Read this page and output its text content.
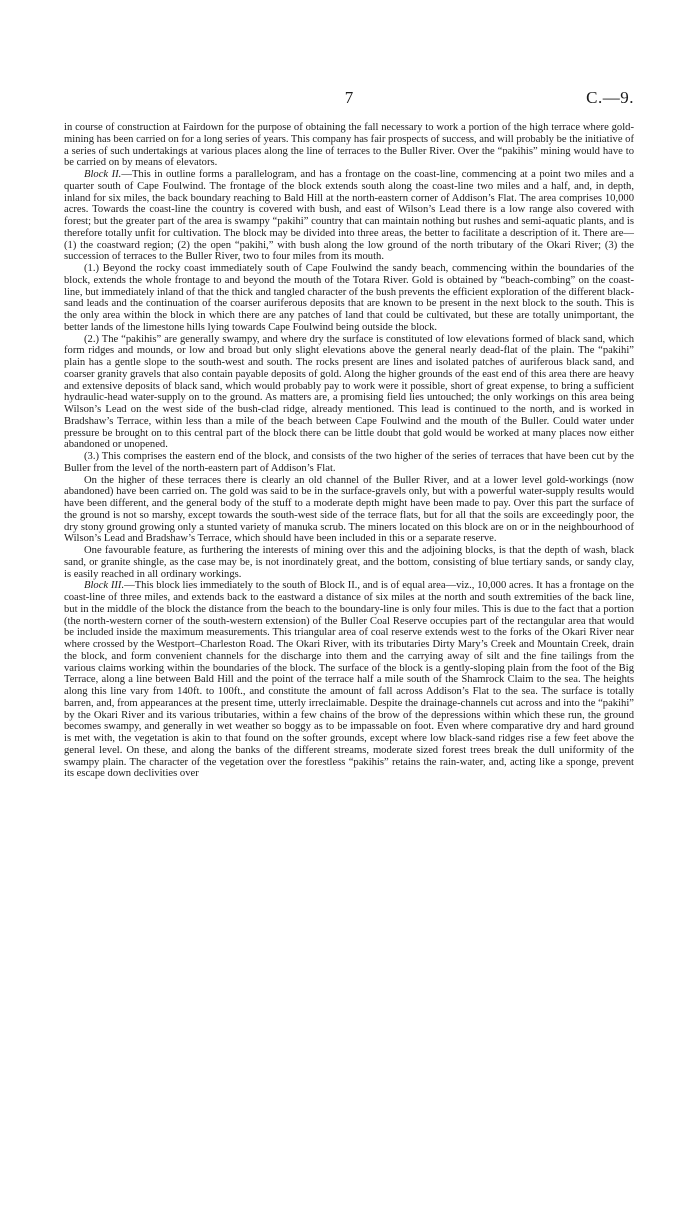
7	C.—9.

in course of construction at Fairdown for the purpose of obtaining the fall necessary to work a portion of the high terrace where gold-mining has been carried on for a long series of years. This company has fair prospects of success, and will probably be the initiative of a series of such undertakings at various places along the line of terraces to the Buller River. Over the “pakihis” mining would have to be carried on by means of elevators.

Block II.—This in outline forms a parallelogram, and has a frontage on the coast-line, commencing at a point two miles and a quarter south of Cape Foulwind. The frontage of the block extends south along the coast-line two miles and a half, and, in depth, inland for six miles, the back boundary reaching to Bald Hill at the north-eastern corner of Addison’s Flat. The area comprises 10,000 acres. Towards the coast-line the country is covered with bush, and east of Wilson’s Lead there is a low range also covered with forest; but the greater part of the area is swampy “pakihi” country that can maintain nothing but rushes and semi-aquatic plants, and is therefore totally unfit for cultivation. The block may be divided into three areas, the better to facilitate a description of it. There are—(1) the coastward region; (2) the open “pakihi,” with bush along the low ground of the north tributary of the Okari River; (3) the succession of terraces to the Buller River, two to four miles from its mouth.

(1.) Beyond the rocky coast immediately south of Cape Foulwind the sandy beach, commencing within the boundaries of the block, extends the whole frontage to and beyond the mouth of the Totara River. Gold is obtained by “beach-combing” on the coast-line, but immediately inland of that the thick and tangled character of the bush prevents the efficient exploration of the different black-sand leads and the continuation of the coarser auriferous deposits that are known to be present in the next block to the south. This is the only area within the block in which there are any patches of land that could be cultivated, but these are totally unimportant, the better lands of the limestone hills lying towards Cape Foulwind being outside the block.

(2.) The “pakihis” are generally swampy, and where dry the surface is constituted of low elevations formed of black sand, which form ridges and mounds, or low and broad but only slight elevations above the general nearly dead-flat of the plain. The “pakihi” plain has a gentle slope to the south-west and south. The rocks present are lines and isolated patches of auriferous black sand, and coarser granity gravels that also contain payable deposits of gold. Along the higher grounds of the east end of this area there are heavy and extensive deposits of black sand, which would probably pay to work were it possible, short of great expense, to bring a sufficient hydraulic-head water-supply on to the ground. As matters are, a promising field lies untouched; the only workings on this area being Wilson’s Lead on the west side of the bush-clad ridge, already mentioned. This lead is continued to the north, and is worked in Bradshaw’s Terrace, within less than a mile of the beach between Cape Foulwind and the mouth of the Buller. Could water under pressure be brought on to this central part of the block there can be little doubt that gold would be worked at many places now either abandoned or unopened.

(3.) This comprises the eastern end of the block, and consists of the two higher of the series of terraces that have been cut by the Buller from the level of the north-eastern part of Addison’s Flat.

On the higher of these terraces there is clearly an old channel of the Buller River, and at a lower level gold-workings (now abandoned) have been carried on. The gold was said to be in the surface-gravels only, but with a powerful water-supply results would have been different, and the general body of the stuff to a moderate depth might have been made to pay. Over this part the surface of the ground is not so marshy, except towards the south-west side of the terrace flats, but for all that the soils are exceedingly poor, the dry stony ground growing only a stunted variety of manuka scrub. The miners located on this block are on or in the neighbourhood of Wilson’s Lead and Bradshaw’s Terrace, which should have been included in this or a separate reserve.

One favourable feature, as furthering the interests of mining over this and the adjoining blocks, is that the depth of wash, black sand, or granite shingle, as the case may be, is not inordinately great, and the bottom, consisting of blue tertiary sands, or sandy clay, is easily reached in all ordinary workings.

Block III.—This block lies immediately to the south of Block II., and is of equal area—viz., 10,000 acres. It has a frontage on the coast-line of three miles, and extends back to the eastward a distance of six miles at the north and south extremities of the back line, but in the middle of the block the distance from the beach to the boundary-line is only four miles. This is due to the fact that a portion (the north-western corner of the south-western extension) of the Buller Coal Reserve occupies part of the rectangular area that would be included inside the maximum measurements. This triangular area of coal reserve extends west to the forks of the Okari River near where crossed by the Westport–Charleston Road. The Okari River, with its tributaries Dirty Mary’s Creek and Mountain Creek, drain the block, and form convenient channels for the discharge into them and the carrying away of silt and the fine tailings from the various claims working within the boundaries of the block. The surface of the block is a gently-sloping plain from the foot of the Big Terrace, along a line between Bald Hill and the point of the terrace half a mile south of the Shamrock Claim to the sea. The heights along this line vary from 140ft. to 100ft., and constitute the amount of fall across Addison’s Flat to the sea. The surface is totally barren, and, from appearances at the present time, utterly irreclaimable. Despite the drainage-channels cut across and into the “pakihi” by the Okari River and its various tributaries, within a few chains of the brow of the depressions within which these run, the ground becomes swampy, and generally in wet weather so boggy as to be impassable on foot. Even where comparative dry and hard ground is met with, the vegetation is akin to that found on the softer grounds, except where low black-sand ridges rise a few feet above the general level. On these, and along the banks of the different streams, moderate sized forest trees break the dull uniformity of the swampy plain. The character of the vegetation over the forestless “pakihis” retains the rain-water, and, acting like a sponge, prevent its escape down declivities over
